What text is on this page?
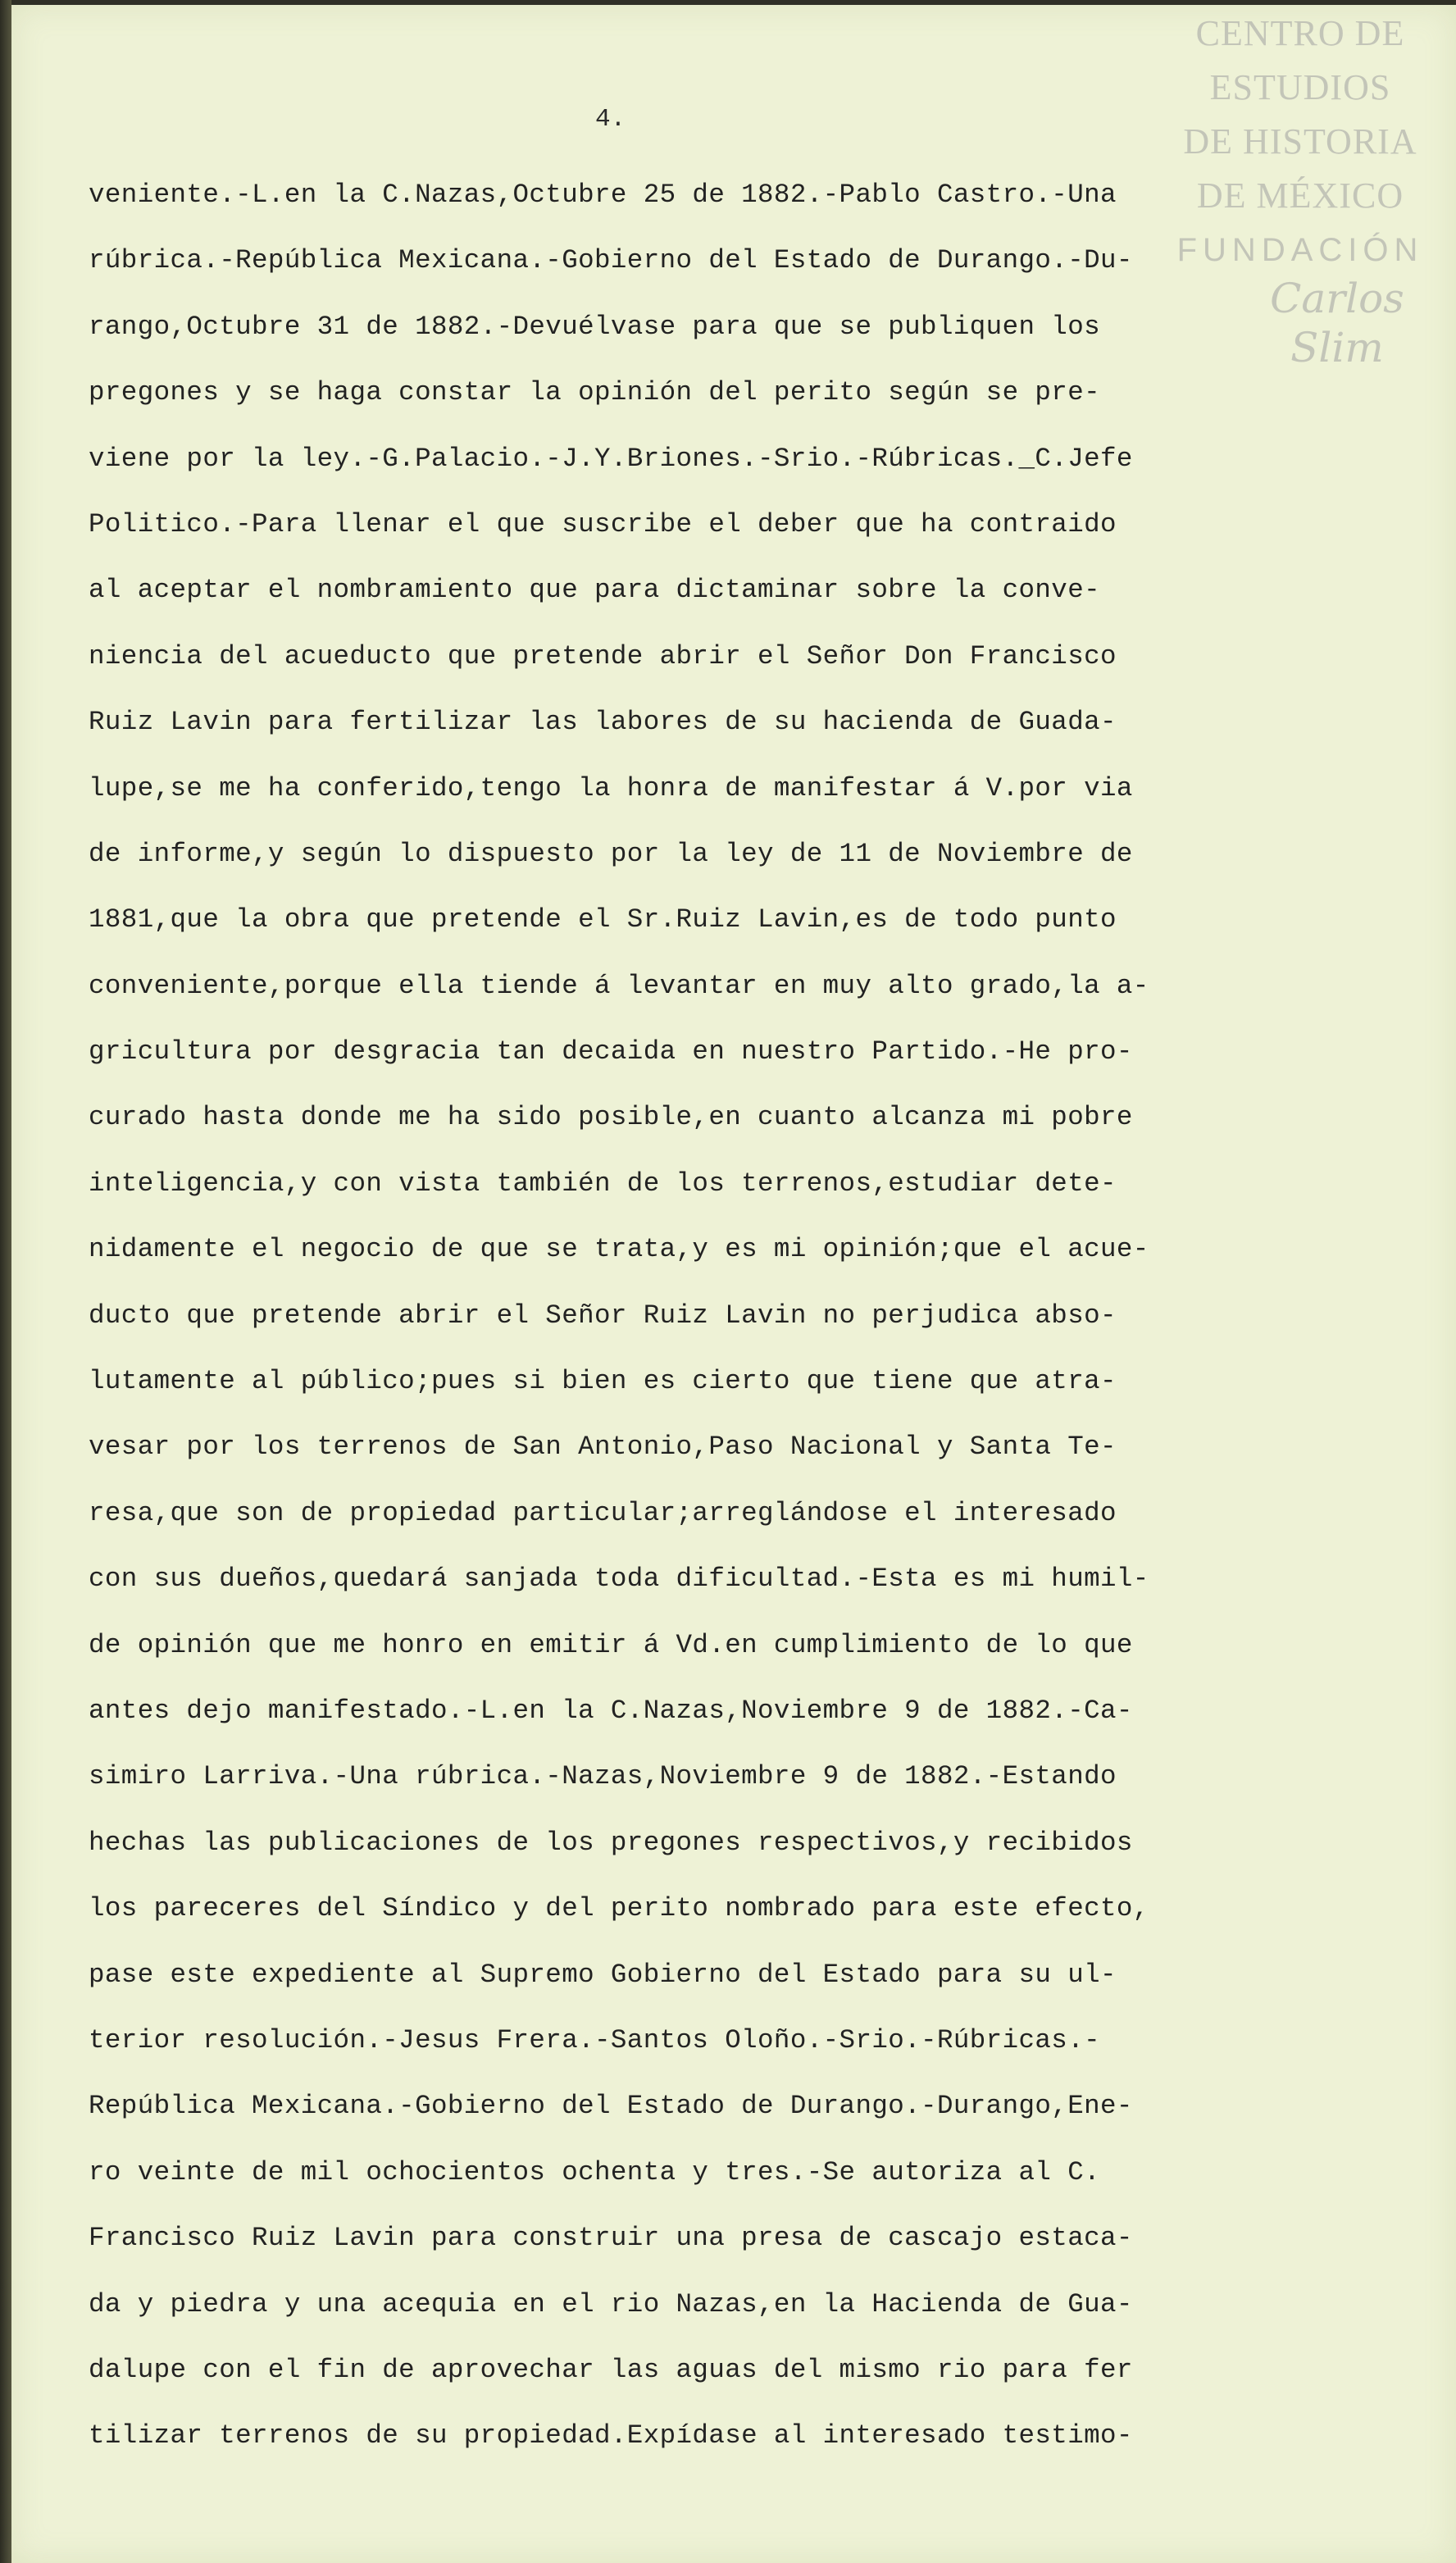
4.
veniente.-L.en la C.Nazas,Octubre 25 de 1882.-Pablo Castro.-Una
rúbrica.-República Mexicana.-Gobierno del Estado de Durango.-Du-
rango,Octubre 31 de 1882.-Devuélvase para que se publiquen los
pregones y se haga constar la opinión del perito según se pre-
viene por la ley.-G.Palacio.-J.Y.Briones.-Srio.-Rúbricas._C.Jefe
Politico.-Para llenar el que suscribe el deber que ha contraido
al aceptar el nombramiento que para dictaminar sobre la conve-
niencia del acueducto que pretende abrir el Señor Don Francisco
Ruiz Lavin para fertilizar las labores de su hacienda de Guada-
lupe,se me ha conferido,tengo la honra de manifestar á V.por via
de informe,y según lo dispuesto por la ley de 11 de Noviembre de
1881,que la obra que pretende el Sr.Ruiz Lavin,es de todo punto
conveniente,porque ella tiende á levantar en muy alto grado,la a-
gricultura por desgracia tan decaida en nuestro Partido.-He pro-
curado hasta donde me ha sido posible,en cuanto alcanza mi pobre
inteligencia,y con vista también de los terrenos,estudiar dete-
nidamente el negocio de que se trata,y es mi opinión;que el acue-
ducto que pretende abrir el Señor Ruiz Lavin no perjudica abso-
lutamente al público;pues si bien es cierto que tiene que atra-
vesar por los terrenos de San Antonio,Paso Nacional y Santa Te-
resa,que son de propiedad particular;arreglándose el interesado
con sus dueños,quedará sanjada toda dificultad.-Esta es mi humil-
de opinión que me honro en emitir á Vd.en cumplimiento de lo que
antes dejo manifestado.-L.en la C.Nazas,Noviembre 9 de 1882.-Ca-
simiro Larriva.-Una rúbrica.-Nazas,Noviembre 9 de 1882.-Estando
hechas las publicaciones de los pregones respectivos,y recibidos
los pareceres del Síndico y del perito nombrado para este efecto,
pase este expediente al Supremo Gobierno del Estado para su ul-
terior resolución.-Jesus Frera.-Santos Oloño.-Srio.-Rúbricas.-
República Mexicana.-Gobierno del Estado de Durango.-Durango,Ene-
ro veinte de mil ochocientos ochenta y tres.-Se autoriza al C.
Francisco Ruiz Lavin para construir una presa de cascajo estaca-
da y piedra y una acequia en el rio Nazas,en la Hacienda de Gua-
dalupe con el fin de aprovechar las aguas del mismo rio para fer
tilizar terrenos de su propiedad.Expídase al interesado testimo-
CENTRO DE
ESTUDIOS
DE HISTORIA
DE MÉXICO
FUNDACIÓN
Carlos Slim
